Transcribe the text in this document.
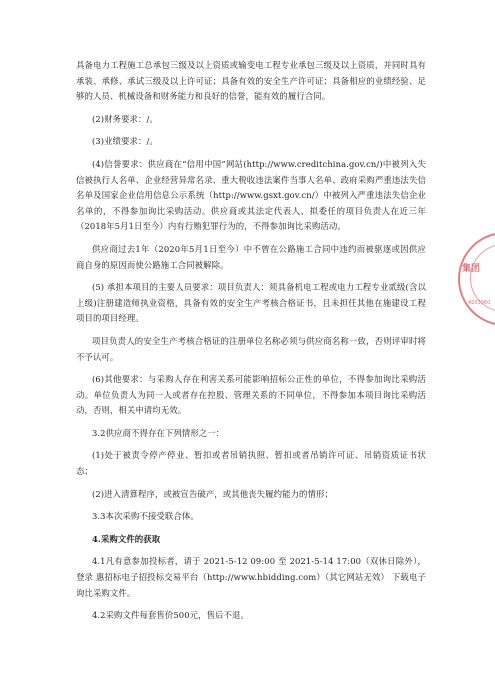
具备电力工程施工总承包三级及以上资质或输变电工程专业承包三级及以上资质，并同时具有承装、承修、承试三级及以上许可证；具备有效的安全生产许可证；具备相应的业绩经验、足够的人员、机械设备和财务能力和良好的信誉，能有效的履行合同。

(2)财务要求：/。

(3)业绩要求：/。

(4)信誉要求：供应商在“信用中国”网站(http://www.creditchina.gov.cn/)中被列入失信被执行人名单、企业经营异常名录、重大税收违法案件当事人名单、政府采购严重违法失信名单及国家企业信用信息公示系统（http://www.gsxt.gov.cn/）中被列入严重违法失信企业名单的，不得参加询比采购活动。供应商或其法定代表人、拟委任的项目负责人在近三年（2018年5月1日至今）内有行贿犯罪行为的，不得参加询比采购活动。

供应商过去1年（2020年5月1日至今）中不曾在公路施工合同中违约而被驱逐或因供应商自身的原因而使公路施工合同被解除。

(5) 承担本项目的主要人员要求：项目负责人：须具备机电工程或电力工程专业贰级(含以上级)注册建造师执业资格，具备有效的安全生产考核合格证书，且未担任其他在施建设工程项目的项目经理。

项目负责人的安全生产考核合格证的注册单位名称必须与供应商名称一致，否则评审时将不予认可。

(6)其他要求：与采购人存在利害关系可能影响招标公正性的单位，不得参加询比采购活动。单位负责人为同一人或者存在控股、管理关系的不同单位，不得参加本项目询比采购活动，否则，相关申请均无效。

3.2供应商不得存在下列情形之一：

(1)处于被责令停产停业、暂扣或者吊销执照、暂扣或者吊销许可证、吊销资质证书状态；

(2)进入清算程序，或被宣告破产，或其他丧失履约能力的情形；

3.3本次采购不接受联合体。

4.采购文件的获取

4.1凡有意参加投标者，请于 2021-5-12 09:00 至 2021-5-14 17:00（双休日除外），登录 惠招标电子招投标交易平台（http://www.hbidding.com）（其它网站无效） 下载电子询比采购文件。

4.2采购文件每套售价500元，售后不退。

集团
4203060
